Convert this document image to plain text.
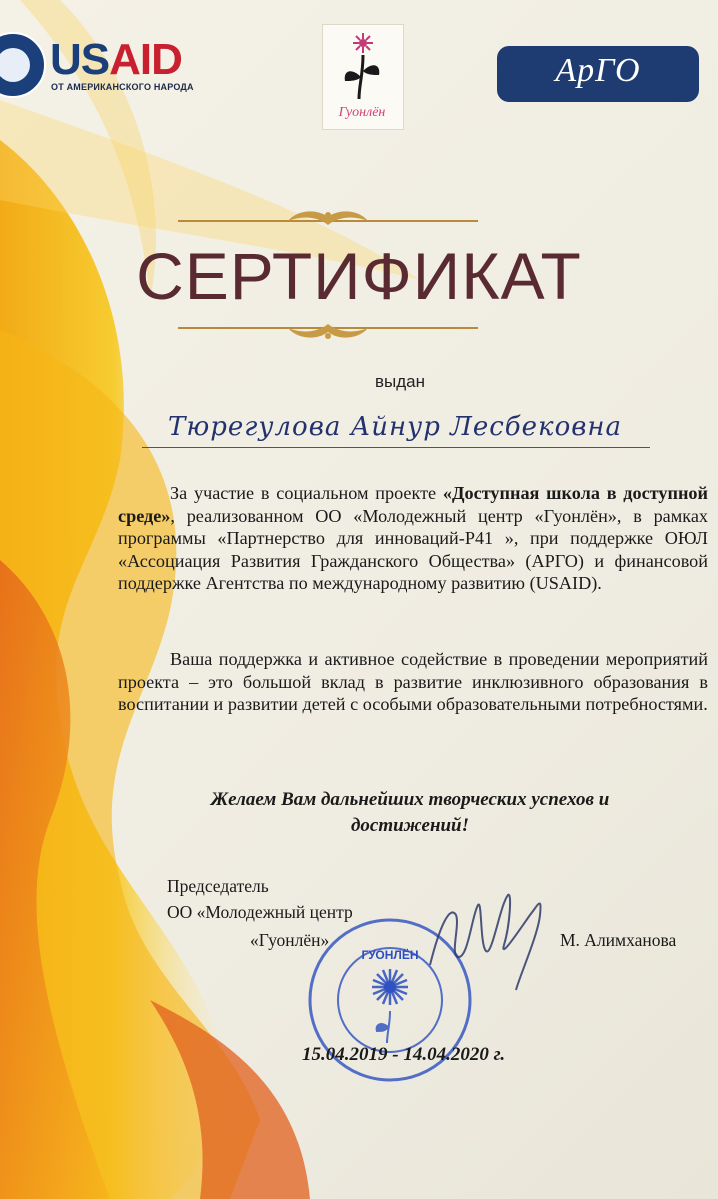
USAID
ОТ АМЕРИКАНСКОГО НАРОДА
Гуонлён
АрГО
СЕРТИФИКАТ
выдан
Тюрегулова Айнур Лесбековна

За участие в социальном проекте «Доступная школа в доступной среде», реализованном ОО «Молодежный центр «Гуонлён», в рамках программы «Партнерство для инноваций-Р41 », при поддержке ОЮЛ «Ассоциация Развития Гражданского Общества» (АРГО) и финансовой поддержке Агентства по международному развитию (USAID).

Ваша поддержка и активное содействие в проведении мероприятий проекта – это большой вклад в развитие инклюзивного образования в воспитании и развитии детей с особыми образовательными потребностями.

Желаем Вам дальнейших творческих успехов и
достижений!
Председатель
ОО «Молодежный центр
«Гуонлён»	М. Алимханова
ГУОНЛЁН
15.04.2019 - 14.04.2020 г.
